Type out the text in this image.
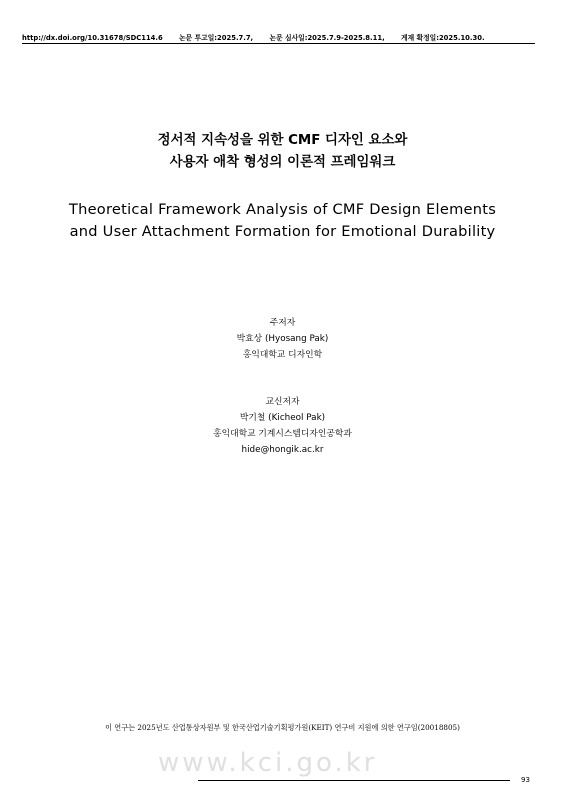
http://dx.doi.org/10.31678/SDC114.6 논문 투고일:2025.7.7, 논문 심사일:2025.7.9-2025.8.11, 게재 확정일:2025.10.30.
정서적 지속성을 위한 CMF 디자인 요소와
사용자 애착 형성의 이론적 프레임워크
Theoretical Framework Analysis of CMF Design Elements
and User Attachment Formation for Emotional Durability
주저자
박효상 (Hyosang Pak)
홍익대학교 디자인학
교신저자
박기철 (Kicheol Pak)
홍익대학교 기계시스템디자인공학과
hide@hongik.ac.kr
이 연구는 2025년도 산업통상자원부 및 한국산업기술기획평가원(KEIT) 연구비 지원에 의한 연구임(20018805)
www.kci.go.kr
93
